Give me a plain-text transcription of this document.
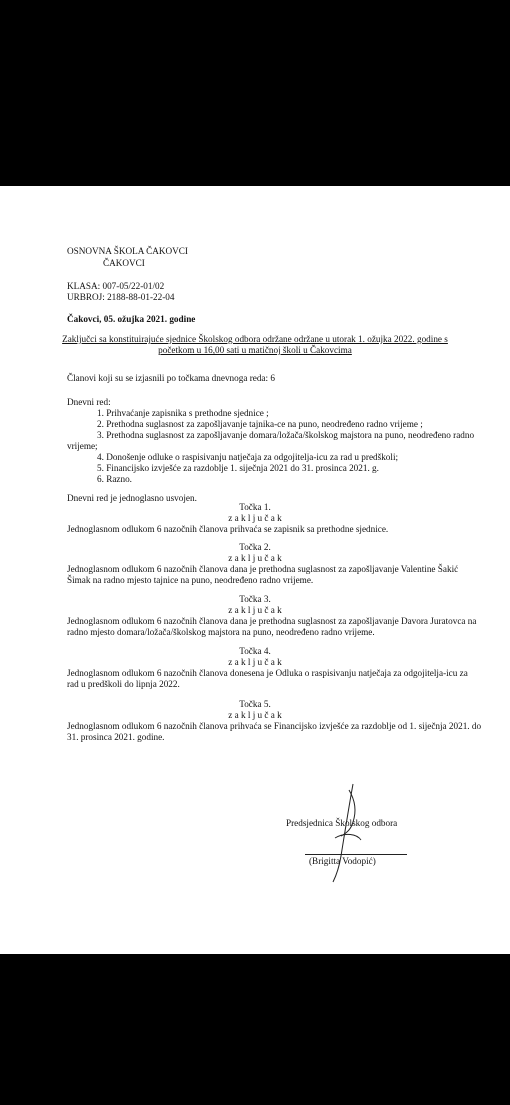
OSNOVNA ŠKOLA ČAKOVCI
ČAKOVCI
KLASA: 007-05/22-01/02
URBROJ: 2188-88-01-22-04
Čakovci, 05. ožujka 2021. godine
Zaključci sa konstituirajuće sjednice Školskog odbora održane održane u utorak 1. ožujka 2022. godine s
početkom u 16,00 sati u matičnoj školi u Čakovcima
Članovi koji su se izjasnili po točkama dnevnoga reda: 6
Dnevni red:
1. Prihvaćanje zapisnika s prethodne sjednice ;
2. Prethodna suglasnost za zapošljavanje tajnika-ce na puno, neodređeno radno vrijeme ;
3. Prethodna suglasnost za zapošljavanje domara/ložača/školskog majstora na puno, neodređeno radno
vrijeme;
4. Donošenje odluke o raspisivanju natječaja za odgojitelja-icu za rad u predškoli;
5. Financijsko izvješće za razdoblje 1. siječnja 2021 do 31. prosinca 2021. g.
6. Razno.
Dnevni red je jednoglasno usvojen.
Točka 1.
z a k l j u č a k
Jednoglasnom odlukom 6 nazočnih članova prihvaća se zapisnik sa prethodne sjednice.
Točka 2.
z a k l j u č a k
Jednoglasnom odlukom 6 nazočnih članova dana je prethodna suglasnost za zapošljavanje Valentine Šakić
Šimak na radno mjesto tajnice na puno, neodređeno radno vrijeme.
Točka 3.
z a k l j u č a k
Jednoglasnom odlukom 6 nazočnih članova dana je prethodna suglasnost za zapošljavanje Davora Juratovca na
radno mjesto domara/ložača/školskog majstora na puno, neodređeno radno vrijeme.
Točka 4.
z a k l j u č a k
Jednoglasnom odlukom 6 nazočnih članova donesena je Odluka o raspisivanju natječaja za odgojitelja-icu za
rad u predškoli do lipnja 2022.
Točka 5.
z a k l j u č a k
Jednoglasnom odlukom 6 nazočnih članova prihvaća se Financijsko izvješće za razdoblje od 1. siječnja 2021. do
31. prosinca 2021. godine.
Predsjednica Školskog odbora
(Brigitta Vodopić)
